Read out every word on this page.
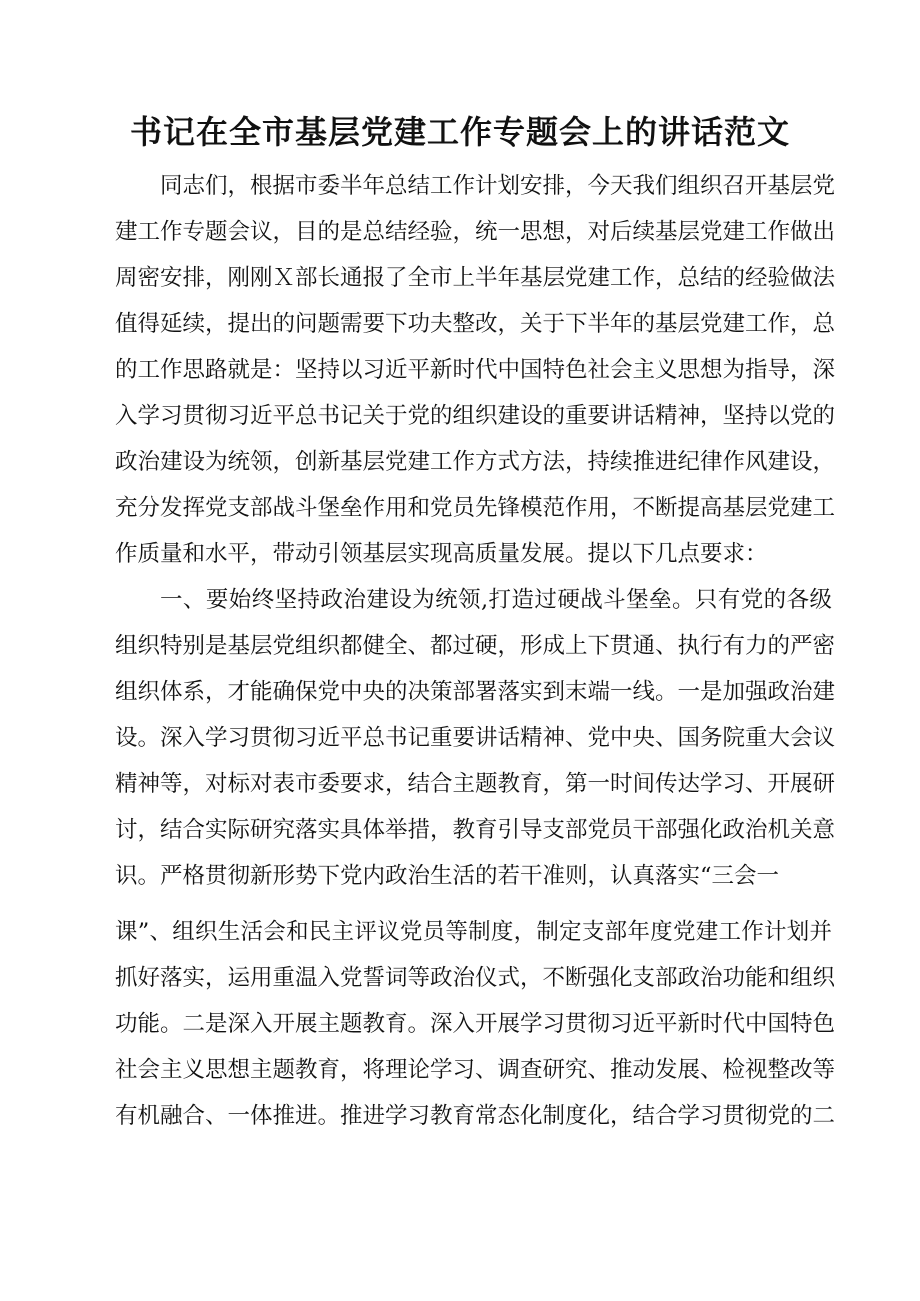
书记在全市基层党建工作专题会上的讲话范文
同志们，根据市委半年总结工作计划安排，今天我们组织召开基层党
建工作专题会议，目的是总结经验，统一思想，对后续基层党建工作做出
周密安排，刚刚Ｘ部长通报了全市上半年基层党建工作，总结的经验做法
值得延续，提出的问题需要下功夫整改，关于下半年的基层党建工作，总
的工作思路就是：坚持以习近平新时代中国特色社会主义思想为指导，深
入学习贯彻习近平总书记关于党的组织建设的重要讲话精神，坚持以党的
政治建设为统领，创新基层党建工作方式方法，持续推进纪律作风建设，
充分发挥党支部战斗堡垒作用和党员先锋模范作用，不断提高基层党建工
作质量和水平，带动引领基层实现高质量发展。提以下几点要求：
一、要始终坚持政治建设为统领,打造过硬战斗堡垒。只有党的各级
组织特别是基层党组织都健全、都过硬，形成上下贯通、执行有力的严密
组织体系，才能确保党中央的决策部署落实到末端一线。一是加强政治建
设。深入学习贯彻习近平总书记重要讲话精神、党中央、国务院重大会议
精神等，对标对表市委要求，结合主题教育，第一时间传达学习、开展研
讨，结合实际研究落实具体举措，教育引导支部党员干部强化政治机关意
识。严格贯彻新形势下党内政治生活的若干准则，认真落实“三会一
课”、组织生活会和民主评议党员等制度，制定支部年度党建工作计划并
抓好落实，运用重温入党誓词等政治仪式，不断强化支部政治功能和组织
功能。二是深入开展主题教育。深入开展学习贯彻习近平新时代中国特色
社会主义思想主题教育，将理论学习、调查研究、推动发展、检视整改等
有机融合、一体推进。推进学习教育常态化制度化，结合学习贯彻党的二
